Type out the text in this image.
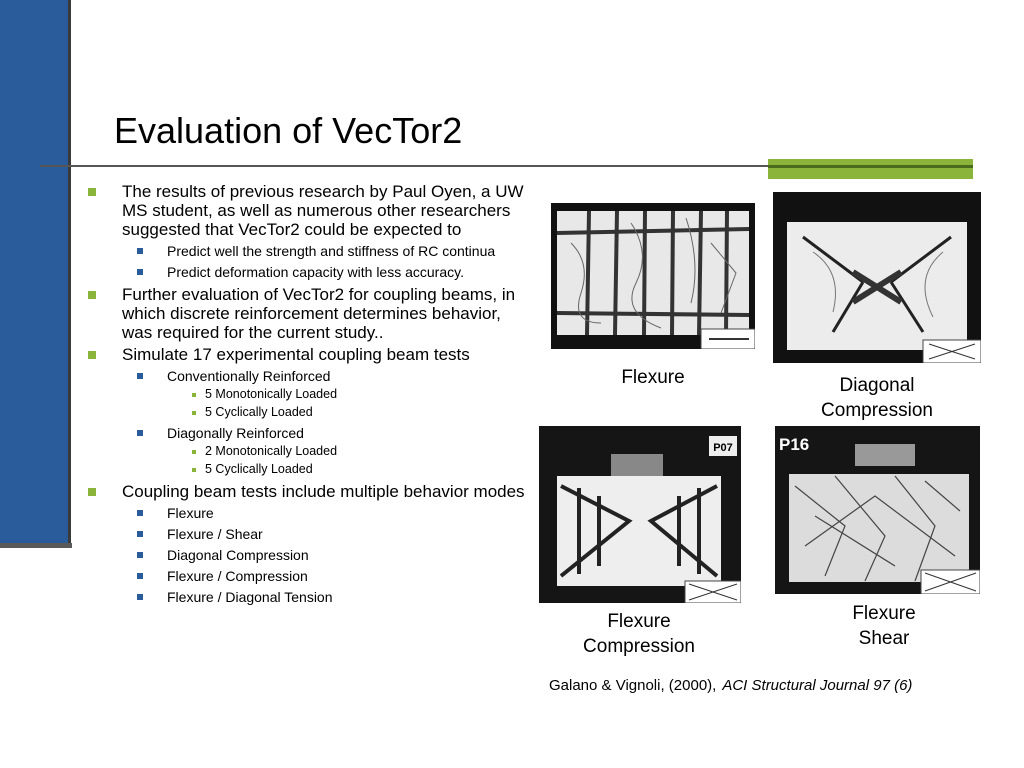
Evaluation of VecTor2
The results of previous research by Paul Oyen, a UW MS student, as well as numerous other researchers suggested that VecTor2 could be expected to
Predict well the strength and stiffness of RC continua
Predict deformation capacity with less accuracy.
Further evaluation of VecTor2 for coupling beams, in which discrete reinforcement determines behavior, was required for the current study..
Simulate 17 experimental coupling beam tests
Conventionally Reinforced
5 Monotonically Loaded
5 Cyclically Loaded
Diagonally Reinforced
2 Monotonically Loaded
5 Cyclically Loaded
Coupling beam tests include multiple behavior modes
Flexure
Flexure / Shear
Diagonal Compression
Flexure / Compression
Flexure / Diagonal Tension
Flexure	Diagonal
Compression
P07
Flexure
Compression
P16
Flexure
Shear
Galano & Vignoli, (2000), ACI Structural Journal 97 (6)
